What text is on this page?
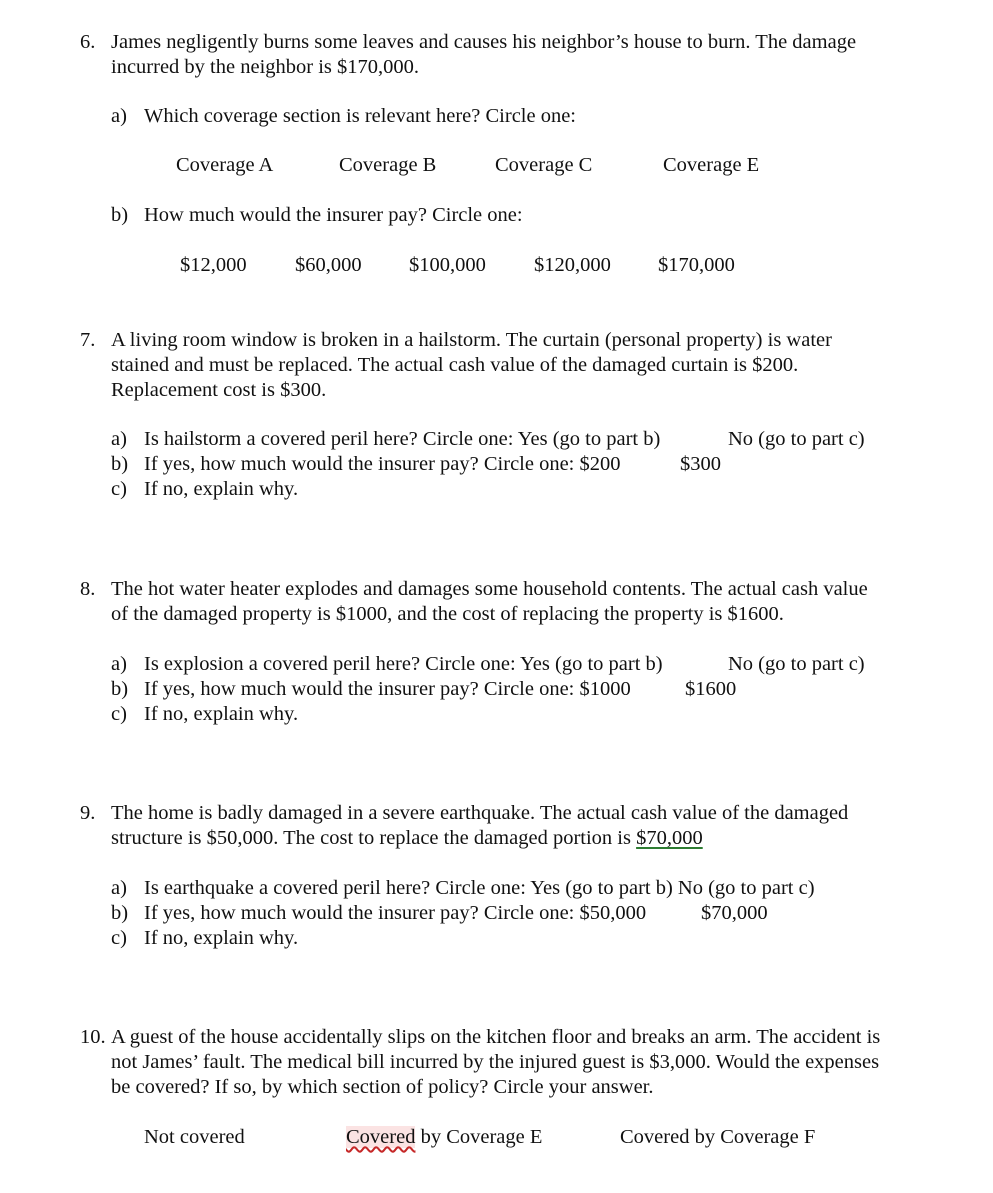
6. James negligently burns some leaves and causes his neighbor’s house to burn. The damage
incurred by the neighbor is $170,000.
a) Which coverage section is relevant here? Circle one:
Coverage A	Coverage B	Coverage C	Coverage E
b) How much would the insurer pay? Circle one:
$12,000 $60,000 $100,000 $120,000 $170,000
7. A living room window is broken in a hailstorm. The curtain (personal property) is water
stained and must be replaced. The actual cash value of the damaged curtain is $200.
Replacement cost is $300.
a) Is hailstorm a covered peril here? Circle one: Yes (go to part b)	No (go to part c)
b) If yes, how much would the insurer pay? Circle one: $200	$300
c) If no, explain why.
8. The hot water heater explodes and damages some household contents. The actual cash value
of the damaged property is $1000, and the cost of replacing the property is $1600.
a) Is explosion a covered peril here? Circle one: Yes (go to part b)	No (go to part c)
b) If yes, how much would the insurer pay? Circle one: $1000	$1600
c) If no, explain why.
9. The home is badly damaged in a severe earthquake. The actual cash value of the damaged
structure is $50,000. The cost to replace the damaged portion is $70,000
a) Is earthquake a covered peril here? Circle one: Yes (go to part b) No (go to part c)
b) If yes, how much would the insurer pay? Circle one: $50,000	$70,000
c) If no, explain why.
10. A guest of the house accidentally slips on the kitchen floor and breaks an arm. The accident is
not James’ fault. The medical bill incurred by the injured guest is $3,000. Would the expenses
be covered? If so, by which section of policy? Circle your answer.
Not covered	Covered by Coverage E	Covered by Coverage F
